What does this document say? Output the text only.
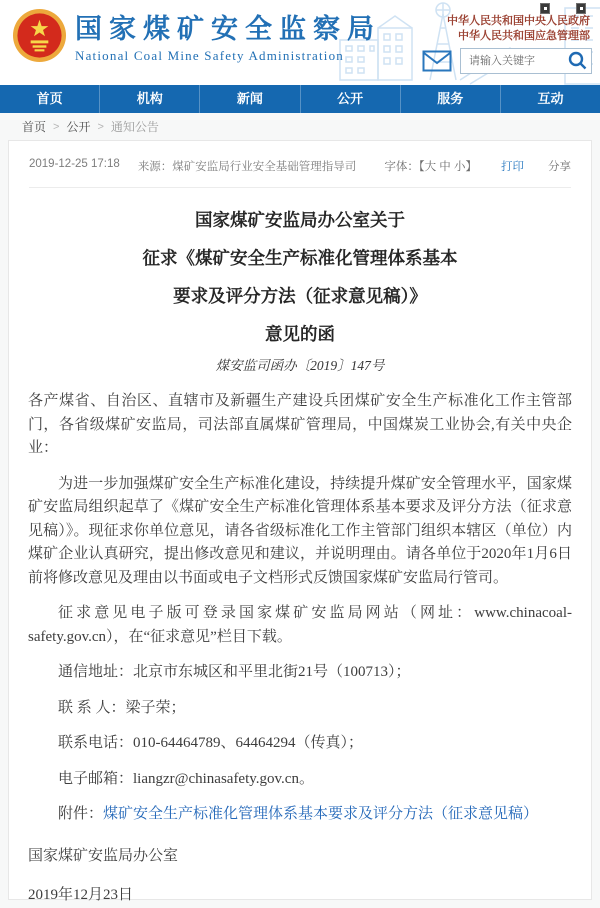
国家煤矿安全监察局
National Coal Mine Safety Administration
中华人民共和国中央人民政府
中华人民共和国应急管理部
请输入关键字
首页	机构	新闻	公开	服务	互动
首页 > 公开 > 通知公告
2019-12-25 17:18 来源：煤矿安监局行业安全基础管理指导司 字体：【大 中 小】 打印 分享
国家煤矿安监局办公室关于
征求《煤矿安全生产标准化管理体系基本
要求及评分方法（征求意见稿）》
意见的函
煤安监司函办〔2019〕147号

各产煤省、自治区、直辖市及新疆生产建设兵团煤矿安全生产标准化工作主管部门，各省级煤矿安监局，司法部直属煤矿管理局，中国煤炭工业协会,有关中央企业：

为进一步加强煤矿安全生产标准化建设，持续提升煤矿安全管理水平，国家煤矿安监局组织起草了《煤矿安全生产标准化管理体系基本要求及评分方法（征求意见稿）》。现征求你单位意见，请各省级标准化工作主管部门组织本辖区（单位）内煤矿企业认真研究，提出修改意见和建议，并说明理由。请各单位于2020年1月6日前将修改意见及理由以书面或电子文档形式反馈国家煤矿安监局行管司。

征求意见电子版可登录国家煤矿安监局网站（网址：www.chinacoal-safety.gov.cn），在“征求意见”栏目下载。

通信地址：北京市东城区和平里北街21号（100713）；

联 系 人：梁子荣；

联系电话：010-64464789、64464294（传真）；

电子邮箱：liangzr@chinasafety.gov.cn。

附件：煤矿安全生产标准化管理体系基本要求及评分方法（征求意见稿）

国家煤矿安监局办公室

2019年12月23日
